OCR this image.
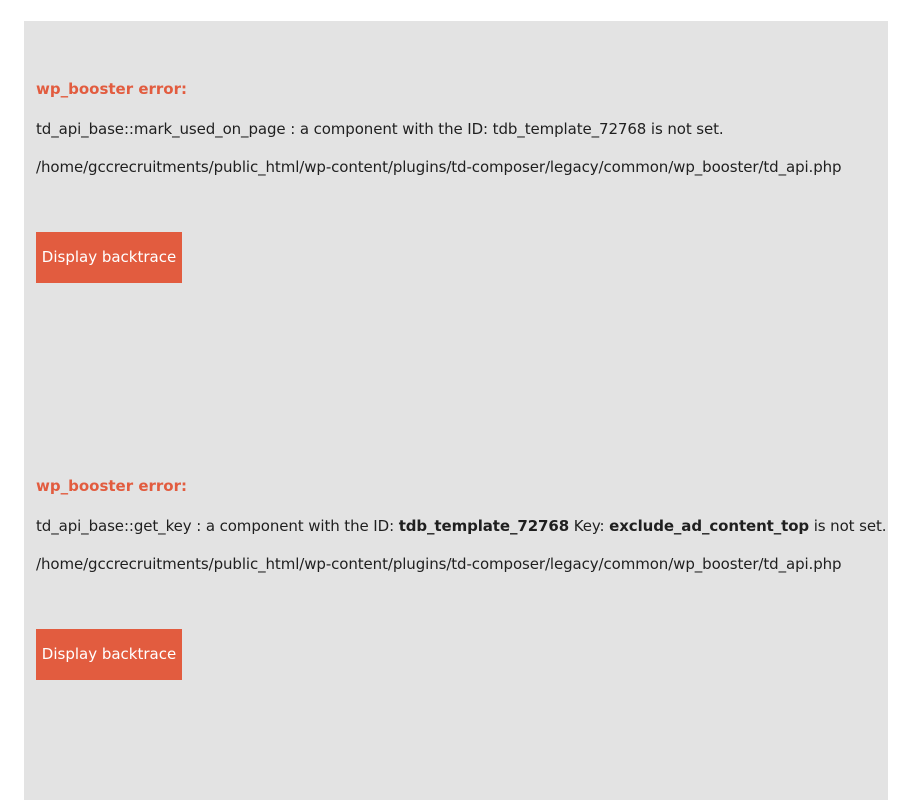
wp_booster error:

td_api_base::mark_used_on_page : a component with the ID: tdb_template_72768 is not set.

/home/gccrecruitments/public_html/wp-content/plugins/td-composer/legacy/common/wp_booster/td_api.php

Display backtrace

wp_booster error:

td_api_base::get_key : a component with the ID: tdb_template_72768 Key: exclude_ad_content_top is not set.

/home/gccrecruitments/public_html/wp-content/plugins/td-composer/legacy/common/wp_booster/td_api.php

Display backtrace
